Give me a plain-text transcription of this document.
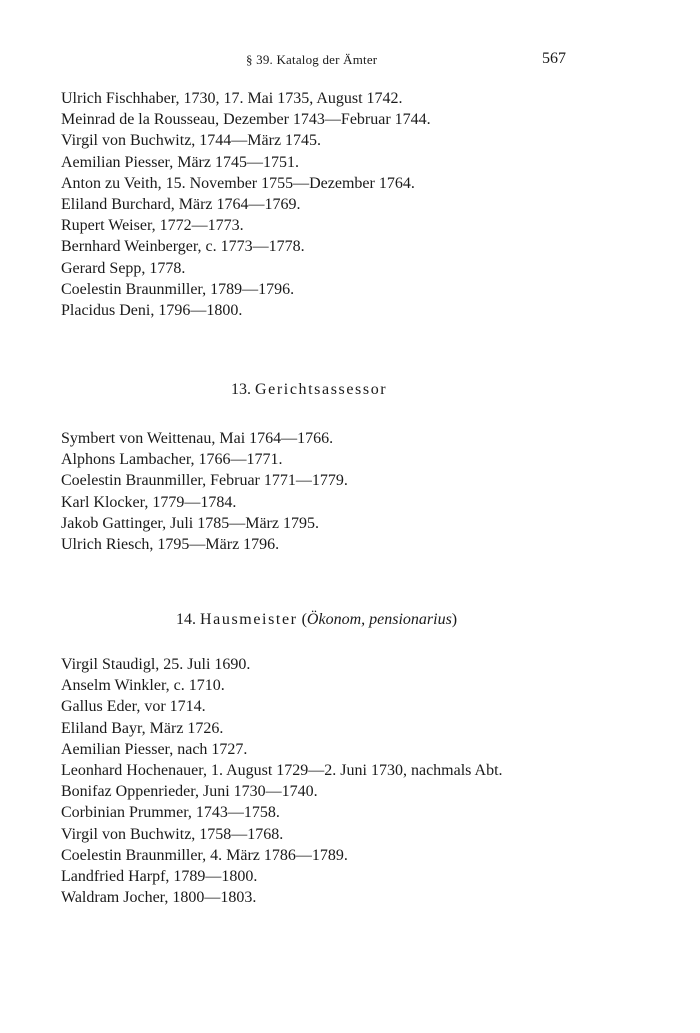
§ 39. Katalog der Ämter	567
Ulrich Fischhaber, 1730, 17. Mai 1735, August 1742.
Meinrad de la Rousseau, Dezember 1743—Februar 1744.
Virgil von Buchwitz, 1744—März 1745.
Aemilian Piesser, März 1745—1751.
Anton zu Veith, 15. November 1755—Dezember 1764.
Eliland Burchard, März 1764—1769.
Rupert Weiser, 1772—1773.
Bernhard Weinberger, c. 1773—1778.
Gerard Sepp, 1778.
Coelestin Braunmiller, 1789—1796.
Placidus Deni, 1796—1800.
13. Gerichtsassessor
Symbert von Weittenau, Mai 1764—1766.
Alphons Lambacher, 1766—1771.
Coelestin Braunmiller, Februar 1771—1779.
Karl Klocker, 1779—1784.
Jakob Gattinger, Juli 1785—März 1795.
Ulrich Riesch, 1795—März 1796.
14. Hausmeister (Ökonom, pensionarius)
Virgil Staudigl, 25. Juli 1690.
Anselm Winkler, c. 1710.
Gallus Eder, vor 1714.
Eliland Bayr, März 1726.
Aemilian Piesser, nach 1727.
Leonhard Hochenauer, 1. August 1729—2. Juni 1730, nachmals Abt.
Bonifaz Oppenrieder, Juni 1730—1740.
Corbinian Prummer, 1743—1758.
Virgil von Buchwitz, 1758—1768.
Coelestin Braunmiller, 4. März 1786—1789.
Landfried Harpf, 1789—1800.
Waldram Jocher, 1800—1803.
